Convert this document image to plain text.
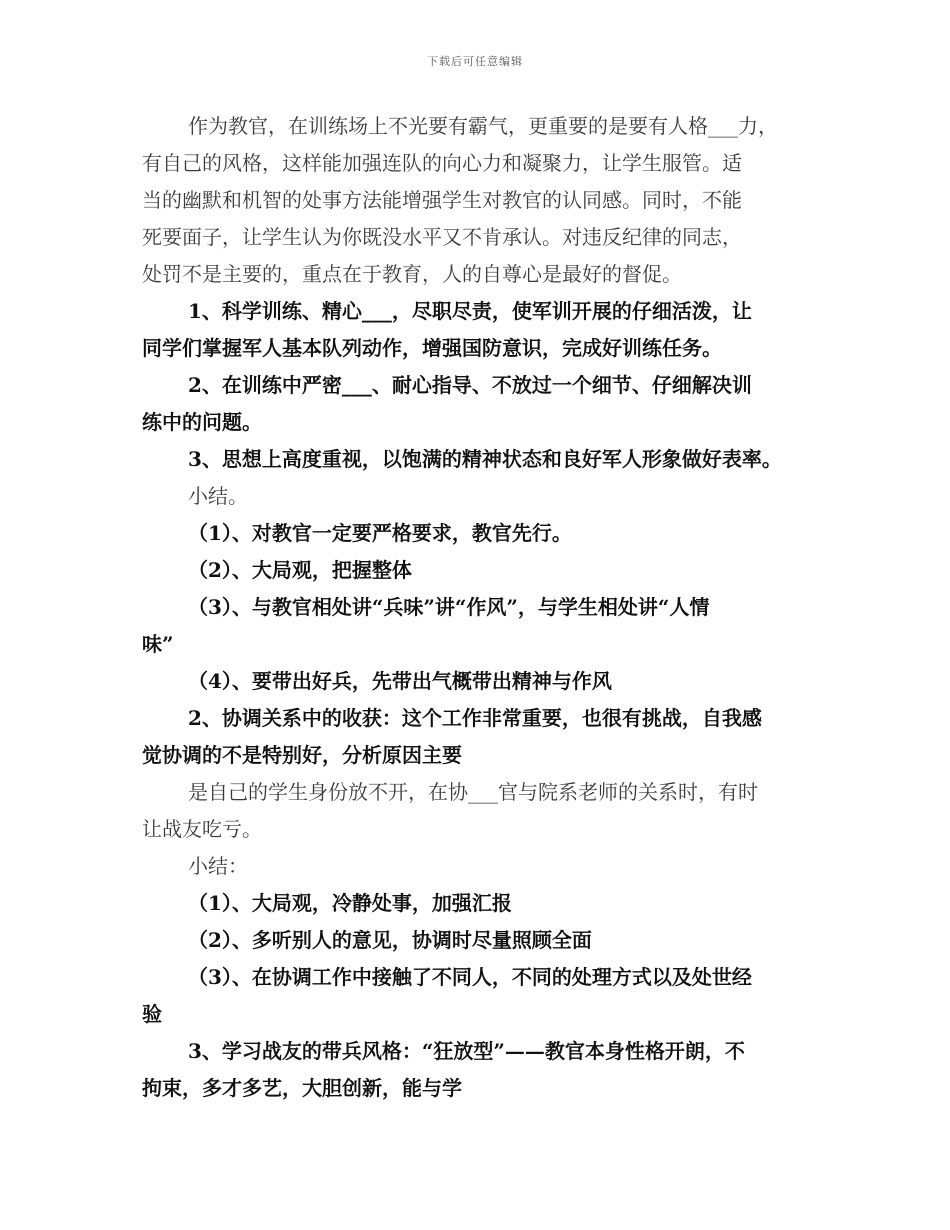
下载后可任意编辑
作为教官，在训练场上不光要有霸气，更重要的是要有人格___力，
有自己的风格，这样能加强连队的向心力和凝聚力，让学生服管。适
当的幽默和机智的处事方法能增强学生对教官的认同感。同时，不能
死要面子，让学生认为你既没水平又不肯承认。对违反纪律的同志，
处罚不是主要的，重点在于教育，人的自尊心是最好的督促。
1、科学训练、精心___，尽职尽责，使军训开展的仔细活泼，让
同学们掌握军人基本队列动作，增强国防意识，完成好训练任务。
2、在训练中严密___、耐心指导、不放过一个细节、仔细解决训
练中的问题。
3、思想上高度重视，以饱满的精神状态和良好军人形象做好表率。
小结。
（1）、对教官一定要严格要求，教官先行。
（2）、大局观，把握整体
（3）、与教官相处讲“兵味”讲“作风”，与学生相处讲“人情
味”
（4）、要带出好兵，先带出气概带出精神与作风
2、协调关系中的收获：这个工作非常重要，也很有挑战，自我感
觉协调的不是特别好，分析原因主要
是自己的学生身份放不开，在协___官与院系老师的关系时，有时
让战友吃亏。
小结：
（1）、大局观，冷静处事，加强汇报
（2）、多听别人的意见，协调时尽量照顾全面
（3）、在协调工作中接触了不同人，不同的处理方式以及处世经
验
3、学习战友的带兵风格：“狂放型”——教官本身性格开朗，不
拘束，多才多艺，大胆创新，能与学
